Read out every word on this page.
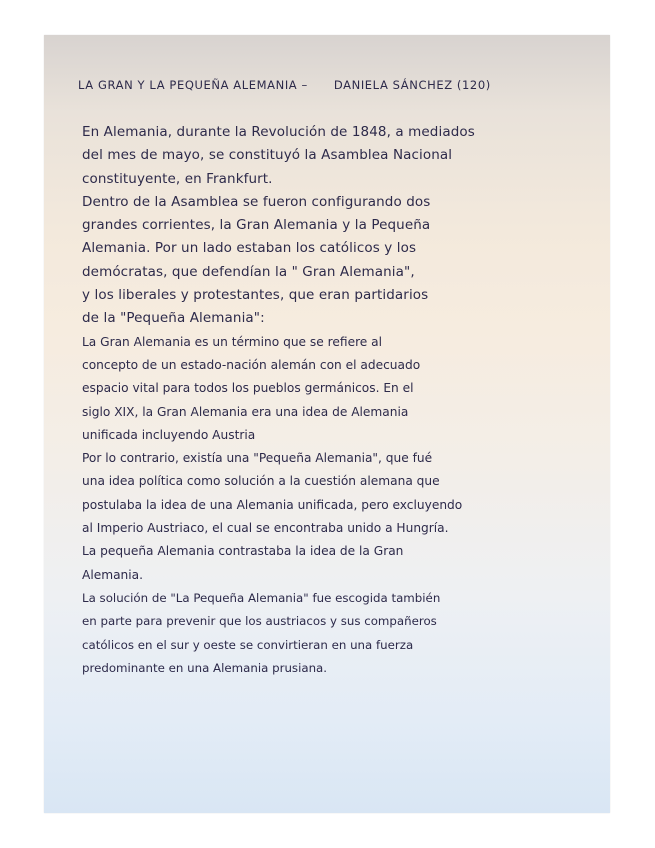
LA GRAN Y LA PEQUEÑA ALEMANIA – DANIELA SÁNCHEZ (120)
En Alemania, durante la Revolución de 1848, a mediados
del mes de mayo, se constituyó la Asamblea Nacional
constituyente, en Frankfurt.
Dentro de la Asamblea se fueron configurando dos
grandes corrientes, la Gran Alemania y la Pequeña
Alemania. Por un lado estaban los católicos y los
demócratas, que defendían la " Gran Alemania",
y los liberales y protestantes, que eran partidarios
de la "Pequeña Alemania":
La Gran Alemania es un término que se refiere al
concepto de un estado-nación alemán con el adecuado
espacio vital para todos los pueblos germánicos. En el
siglo XIX, la Gran Alemania era una idea de Alemania
unificada incluyendo Austria
Por lo contrario, existía una "Pequeña Alemania", que fué
una idea política como solución a la cuestión alemana que
postulaba la idea de una Alemania unificada, pero excluyendo
al Imperio Austriaco, el cual se encontraba unido a Hungría.
La pequeña Alemania contrastaba la idea de la Gran
Alemania.
La solución de "La Pequeña Alemania" fue escogida también
en parte para prevenir que los austriacos y sus compañeros
católicos en el sur y oeste se convirtieran en una fuerza
predominante en una Alemania prusiana.
